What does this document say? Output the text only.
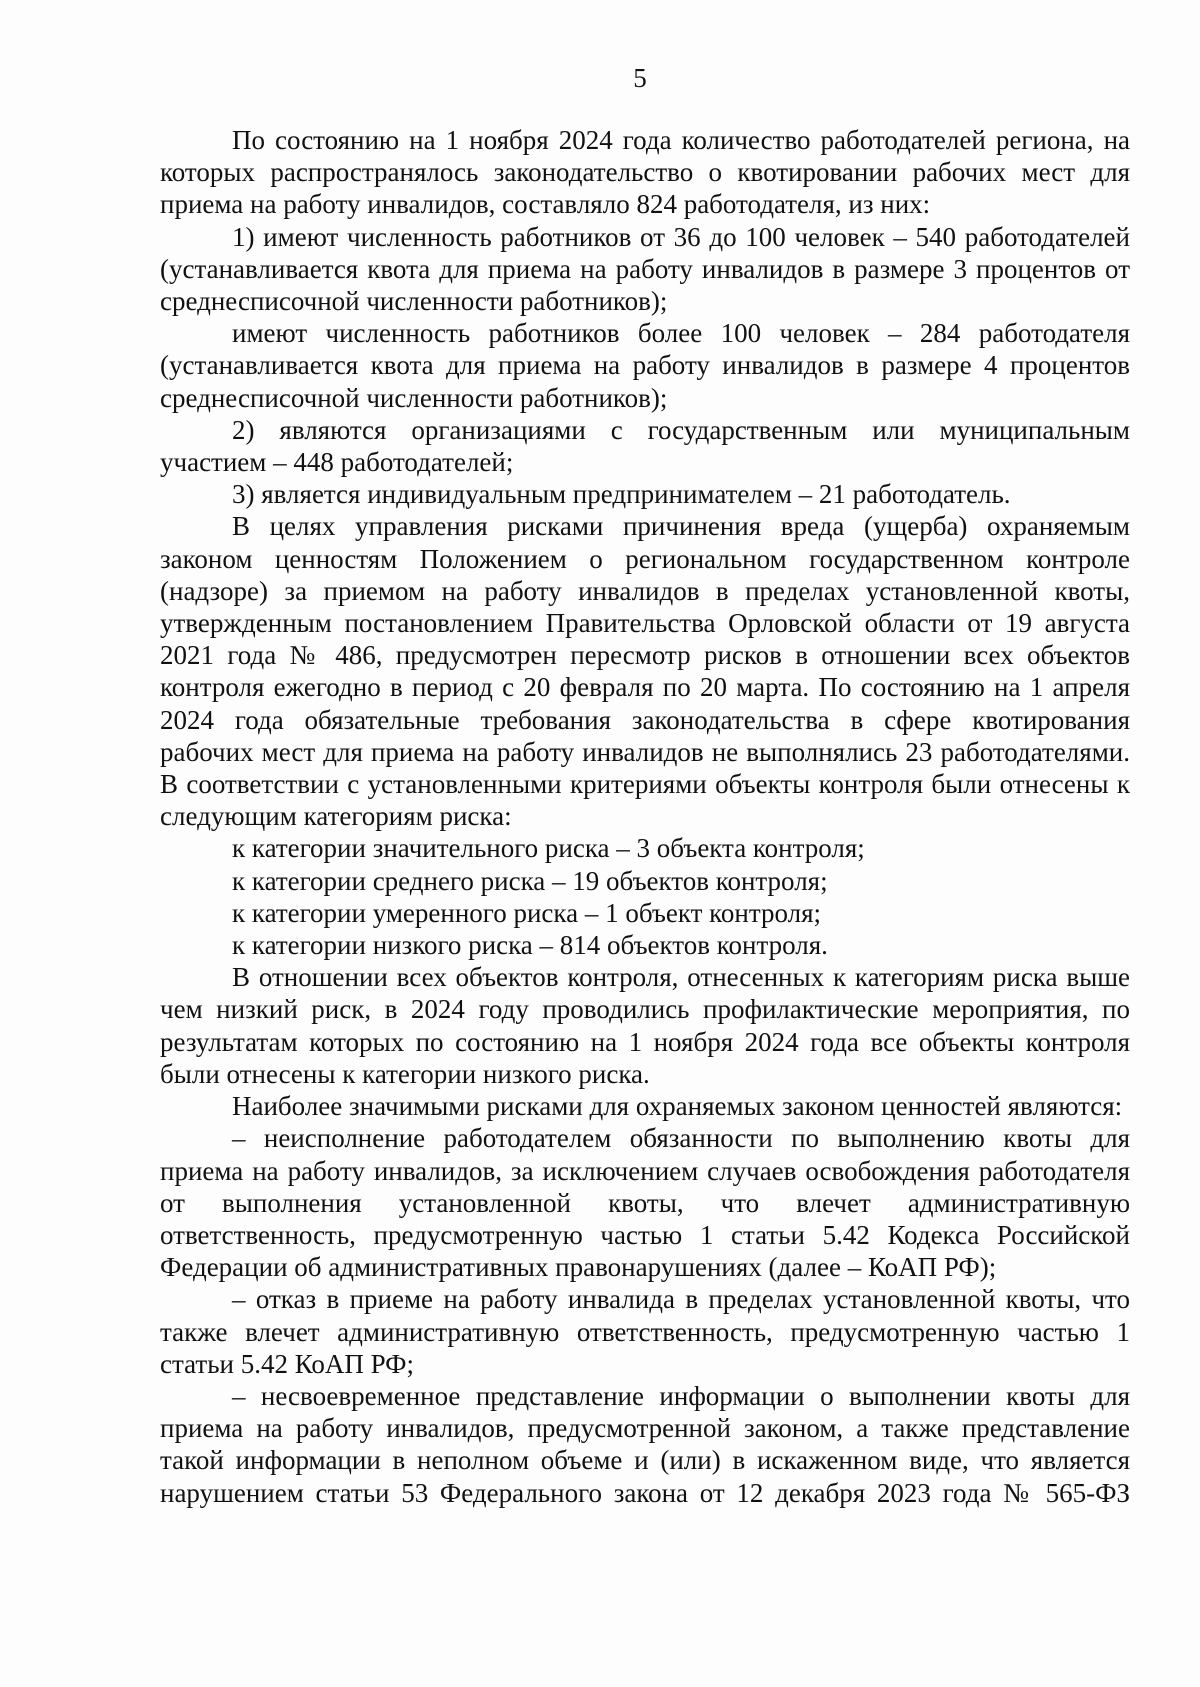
5

По состоянию на 1 ноября 2024 года количество работодателей региона, на которых распространялось законодательство о квотировании рабочих мест для приема на работу инвалидов, составляло 824 работодателя, из них:

1) имеют численность работников от 36 до 100 человек – 540 работодателей (устанавливается квота для приема на работу инвалидов в размере 3 процентов от среднесписочной численности работников);

имеют численность работников более 100 человек – 284 работодателя (устанавливается квота для приема на работу инвалидов в размере 4 процентов среднесписочной численности работников);

2) являются организациями с государственным или муниципальным участием – 448 работодателей;

3) является индивидуальным предпринимателем – 21 работодатель.

В целях управления рисками причинения вреда (ущерба) охраняемым законом ценностям Положением о региональном государственном контроле (надзоре) за приемом на работу инвалидов в пределах установленной квоты, утвержденным постановлением Правительства Орловской области от 19 августа 2021 года № 486, предусмотрен пересмотр рисков в отношении всех объектов контроля ежегодно в период с 20 февраля по 20 марта. По состоянию на 1 апреля 2024 года обязательные требования законодательства в сфере квотирования рабочих мест для приема на работу инвалидов не выполнялись 23 работодателями. В соответствии с установленными критериями объекты контроля были отнесены к следующим категориям риска:

к категории значительного риска – 3 объекта контроля;

к категории среднего риска – 19 объектов контроля;

к категории умеренного риска – 1 объект контроля;

к категории низкого риска – 814 объектов контроля.

В отношении всех объектов контроля, отнесенных к категориям риска выше чем низкий риск, в 2024 году проводились профилактические мероприятия, по результатам которых по состоянию на 1 ноября 2024 года все объекты контроля были отнесены к категории низкого риска.

Наиболее значимыми рисками для охраняемых законом ценностей являются:

– неисполнение работодателем обязанности по выполнению квоты для приема на работу инвалидов, за исключением случаев освобождения работодателя от выполнения установленной квоты, что влечет административную ответственность, предусмотренную частью 1 статьи 5.42 Кодекса Российской Федерации об административных правонарушениях (далее – КоАП РФ);

– отказ в приеме на работу инвалида в пределах установленной квоты, что также влечет административную ответственность, предусмотренную частью 1 статьи 5.42 КоАП РФ;

– несвоевременное представление информации о выполнении квоты для приема на работу инвалидов, предусмотренной законом, а также представление такой информации в неполном объеме и (или) в искаженном виде, что является нарушением статьи 53 Федерального закона от 12 декабря 2023 года № 565-ФЗ
